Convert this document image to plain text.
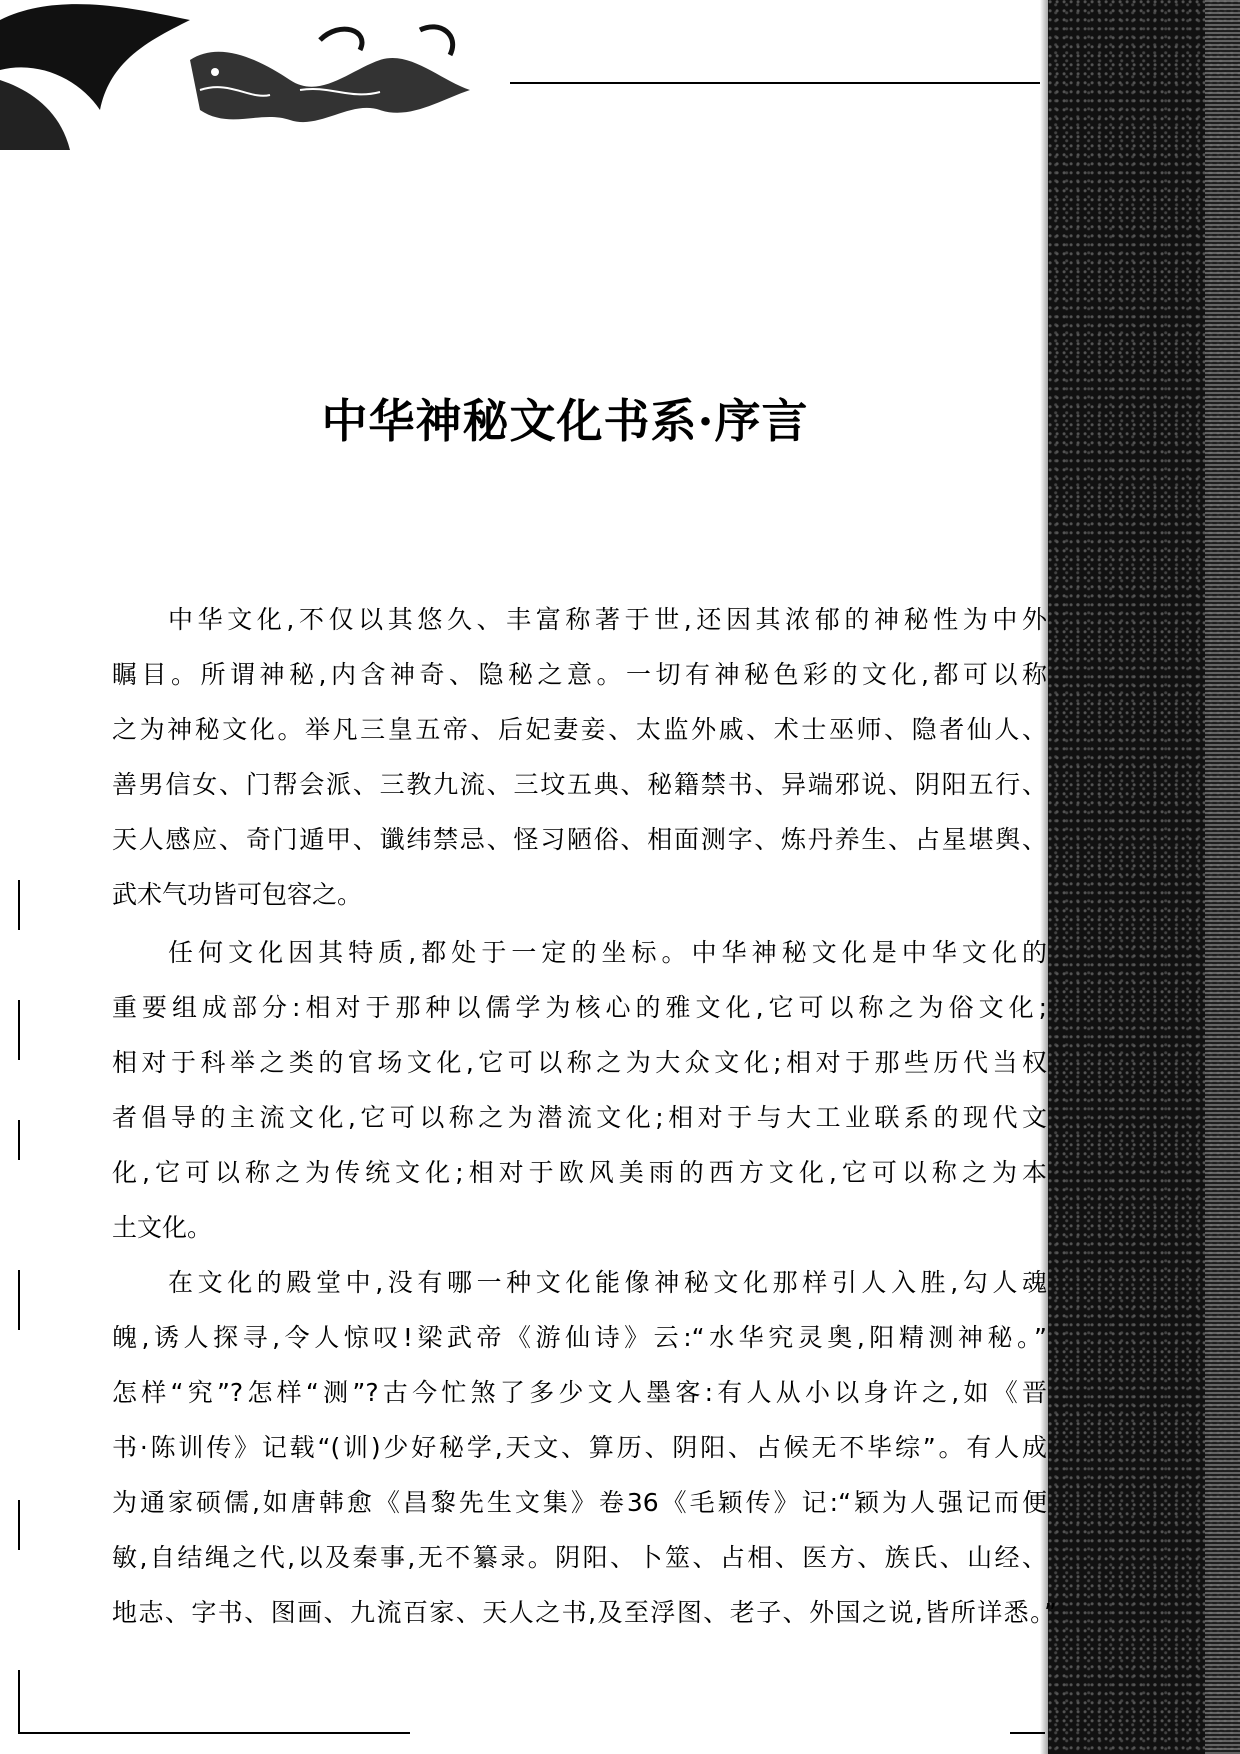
中华神秘文化书系·序言
中华文化,不仅以其悠久、丰富称著于世,还因其浓郁的神秘性为中外
瞩目。所谓神秘,内含神奇、隐秘之意。一切有神秘色彩的文化,都可以称
之为神秘文化。举凡三皇五帝、后妃妻妾、太监外戚、术士巫师、隐者仙人、
善男信女、门帮会派、三教九流、三坟五典、秘籍禁书、异端邪说、阴阳五行、
天人感应、奇门遁甲、谶纬禁忌、怪习陋俗、相面测字、炼丹养生、占星堪舆、
武术气功皆可包容之。
任何文化因其特质,都处于一定的坐标。中华神秘文化是中华文化的
重要组成部分:相对于那种以儒学为核心的雅文化,它可以称之为俗文化;
相对于科举之类的官场文化,它可以称之为大众文化;相对于那些历代当权
者倡导的主流文化,它可以称之为潜流文化;相对于与大工业联系的现代文
化,它可以称之为传统文化;相对于欧风美雨的西方文化,它可以称之为本
土文化。
在文化的殿堂中,没有哪一种文化能像神秘文化那样引人入胜,勾人魂
魄,诱人探寻,令人惊叹!梁武帝《游仙诗》云:“水华究灵奥,阳精测神秘。”
怎样“究”?怎样“测”?古今忙煞了多少文人墨客:有人从小以身许之,如《晋
书·陈训传》记载“(训)少好秘学,天文、算历、阴阳、占候无不毕综”。有人成
为通家硕儒,如唐韩愈《昌黎先生文集》卷36《毛颖传》记:“颖为人强记而便
敏,自结绳之代,以及秦事,无不纂录。阴阳、卜筮、占相、医方、族氏、山经、
地志、字书、图画、九流百家、天人之书,及至浮图、老子、外国之说,皆所详悉。”
